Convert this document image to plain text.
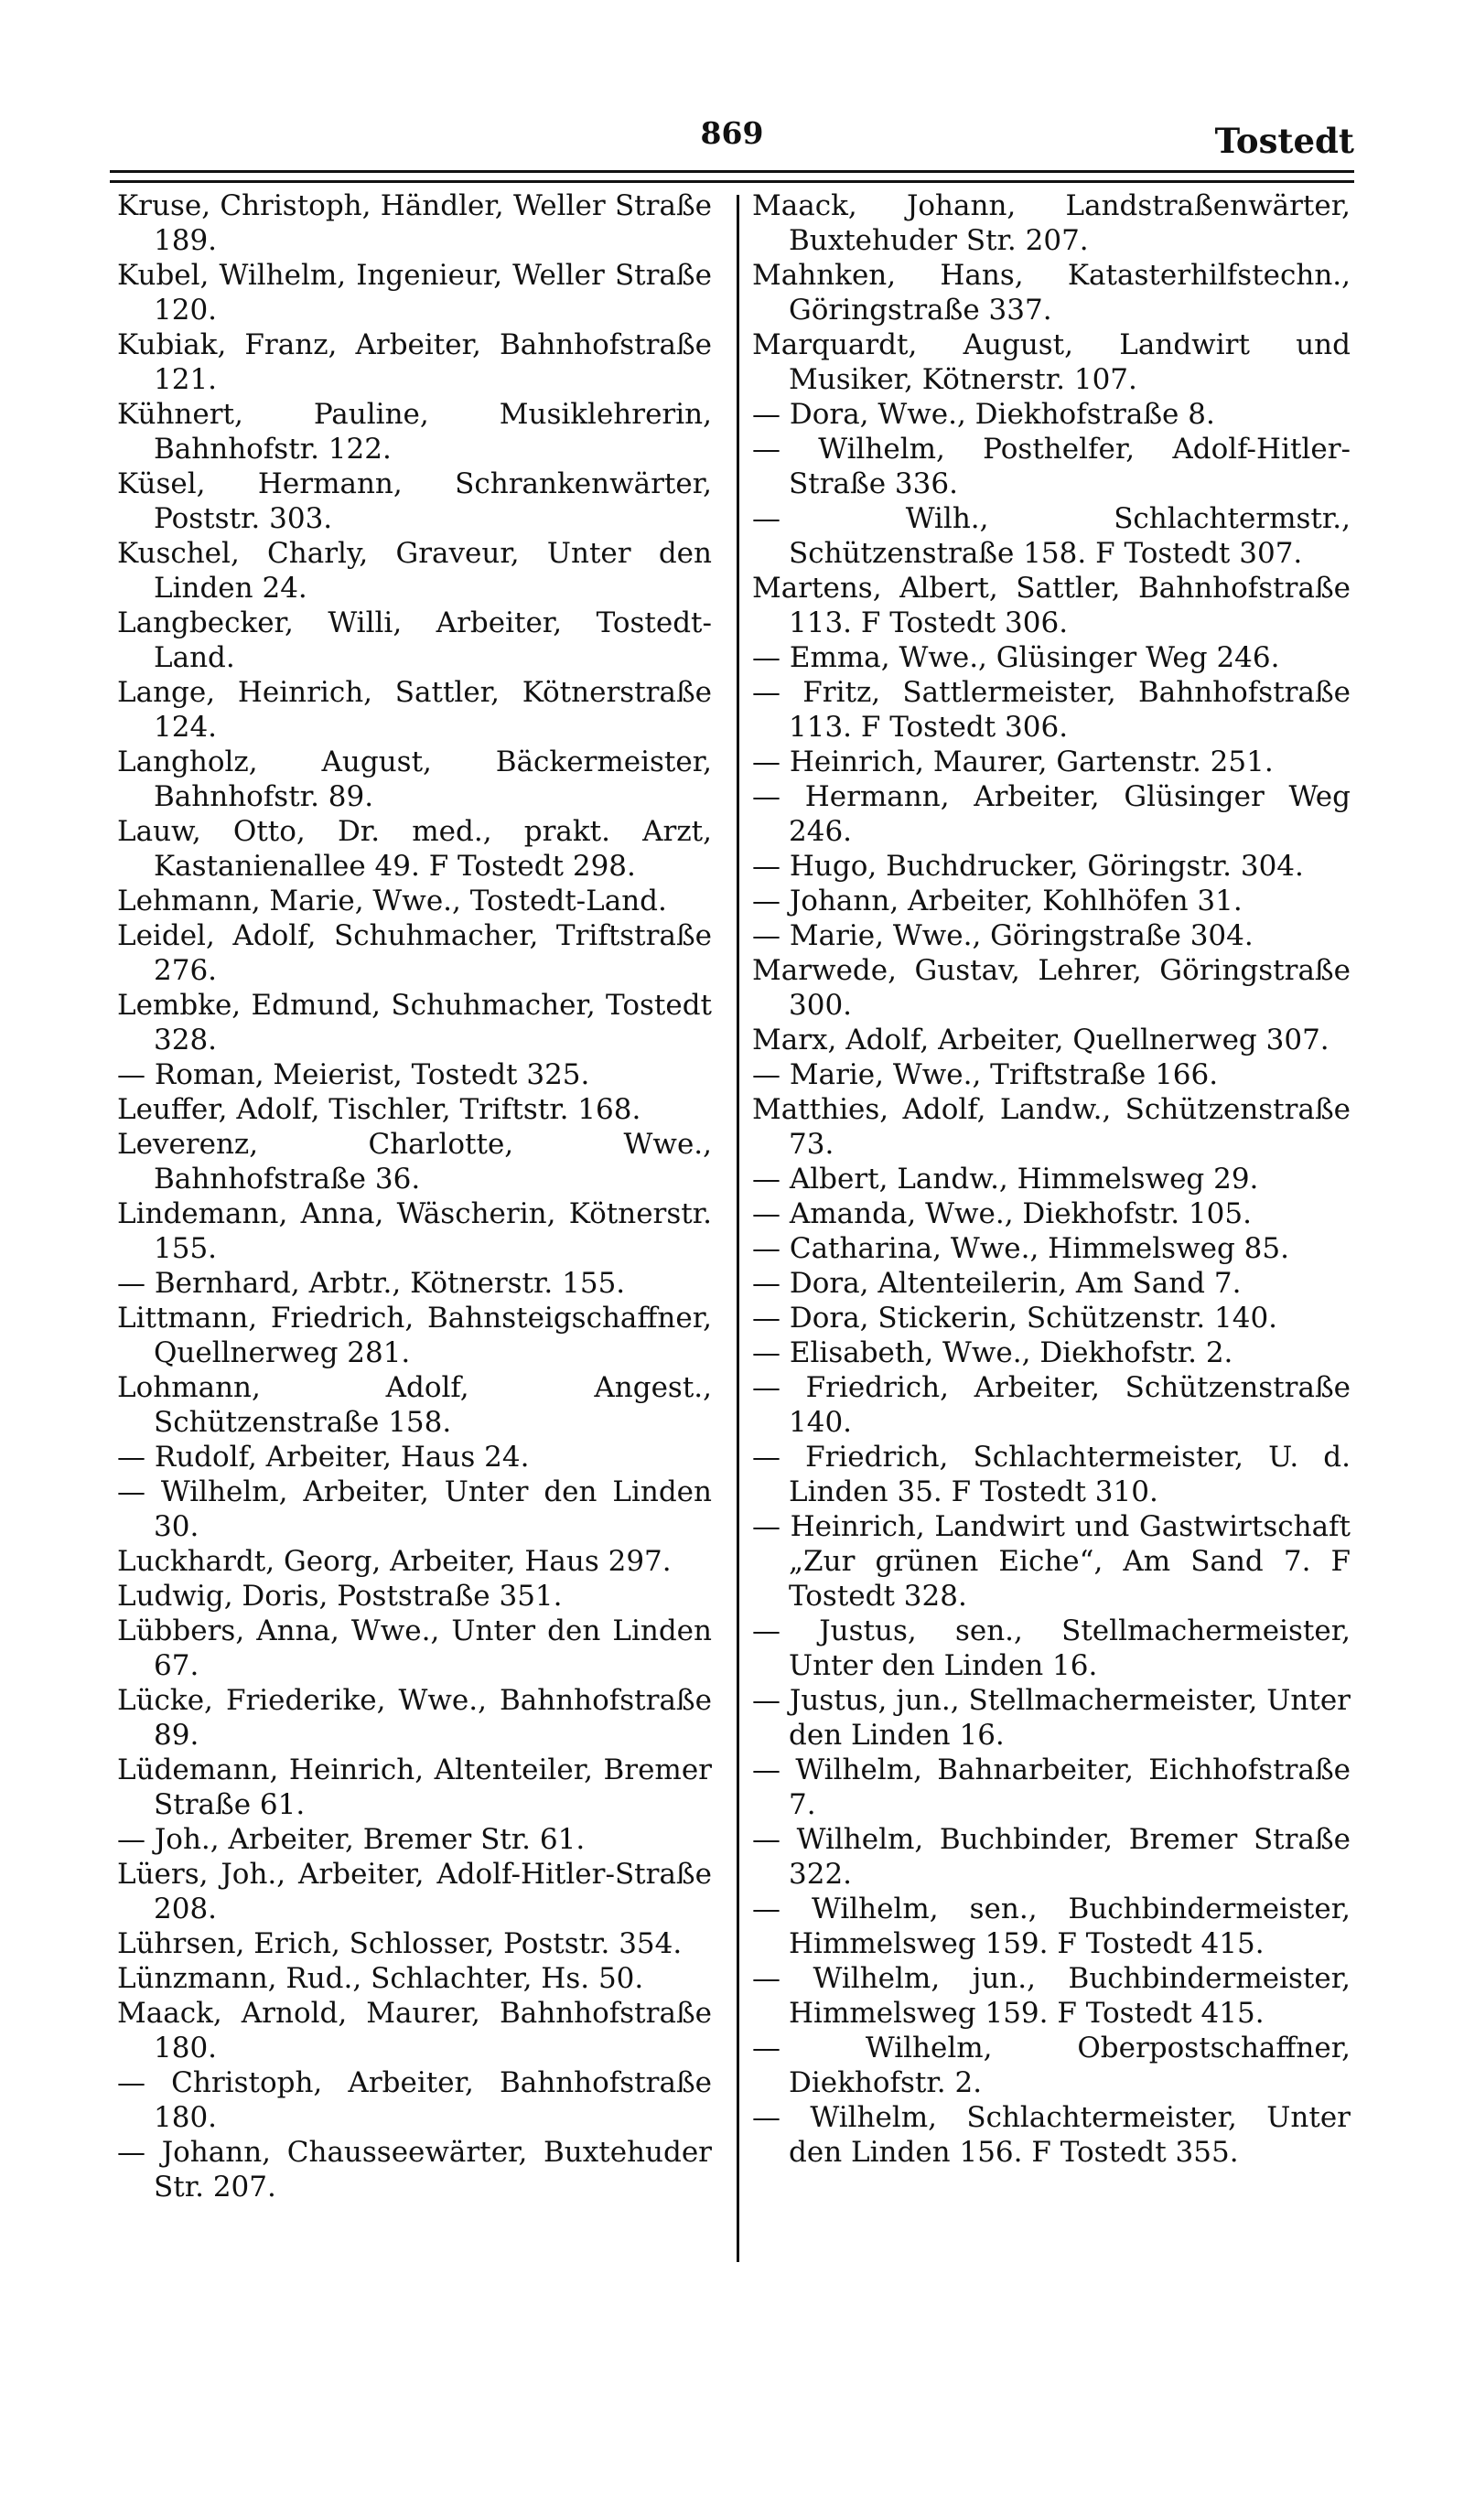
869	Tostedt

Kruse, Christoph, Händler, Weller Straße 189.

Kubel, Wilhelm, Ingenieur, Weller Straße 120.

Kubiak, Franz, Arbeiter, Bahnhofstraße 121.

Kühnert, Pauline, Musiklehrerin, Bahnhofstr. 122.

Küsel, Hermann, Schrankenwärter, Poststr. 303.

Kuschel, Charly, Graveur, Unter den Linden 24.

Langbecker, Willi, Arbeiter, Tostedt-Land.

Lange, Heinrich, Sattler, Kötnerstraße 124.

Langholz, August, Bäckermeister, Bahnhofstr. 89.

Lauw, Otto, Dr. med., prakt. Arzt, Kastanienallee 49. F Tostedt 298.

Lehmann, Marie, Wwe., Tostedt-Land.

Leidel, Adolf, Schuhmacher, Triftstraße 276.

Lembke, Edmund, Schuhmacher, Tostedt 328.

— Roman, Meierist, Tostedt 325.

Leuffer, Adolf, Tischler, Triftstr. 168.

Leverenz, Charlotte, Wwe., Bahnhofstraße 36.

Lindemann, Anna, Wäscherin, Kötnerstr. 155.

— Bernhard, Arbtr., Kötnerstr. 155.

Littmann, Friedrich, Bahnsteigschaffner, Quellnerweg 281.

Lohmann, Adolf, Angest., Schützenstraße 158.

— Rudolf, Arbeiter, Haus 24.

— Wilhelm, Arbeiter, Unter den Linden 30.

Luckhardt, Georg, Arbeiter, Haus 297.

Ludwig, Doris, Poststraße 351.

Lübbers, Anna, Wwe., Unter den Linden 67.

Lücke, Friederike, Wwe., Bahnhofstraße 89.

Lüdemann, Heinrich, Altenteiler, Bremer Straße 61.

— Joh., Arbeiter, Bremer Str. 61.

Lüers, Joh., Arbeiter, Adolf-Hitler-Straße 208.

Lührsen, Erich, Schlosser, Poststr. 354.

Lünzmann, Rud., Schlachter, Hs. 50.

Maack, Arnold, Maurer, Bahnhofstraße 180.

— Christoph, Arbeiter, Bahnhofstraße 180.

— Johann, Chausseewärter, Buxtehuder Str. 207.

Maack, Johann, Landstraßenwärter, Buxtehuder Str. 207.

Mahnken, Hans, Katasterhilfstechn., Göringstraße 337.

Marquardt, August, Landwirt und Musiker, Kötnerstr. 107.

— Dora, Wwe., Diekhofstraße 8.

— Wilhelm, Posthelfer, Adolf-Hitler-Straße 336.

— Wilh., Schlachtermstr., Schützenstraße 158. F Tostedt 307.

Martens, Albert, Sattler, Bahnhofstraße 113. F Tostedt 306.

— Emma, Wwe., Glüsinger Weg 246.

— Fritz, Sattlermeister, Bahnhofstraße 113. F Tostedt 306.

— Heinrich, Maurer, Gartenstr. 251.

— Hermann, Arbeiter, Glüsinger Weg 246.

— Hugo, Buchdrucker, Göringstr. 304.

— Johann, Arbeiter, Kohlhöfen 31.

— Marie, Wwe., Göringstraße 304.

Marwede, Gustav, Lehrer, Göringstraße 300.

Marx, Adolf, Arbeiter, Quellnerweg 307.

— Marie, Wwe., Triftstraße 166.

Matthies, Adolf, Landw., Schützenstraße 73.

— Albert, Landw., Himmelsweg 29.

— Amanda, Wwe., Diekhofstr. 105.

— Catharina, Wwe., Himmelsweg 85.

— Dora, Altenteilerin, Am Sand 7.

— Dora, Stickerin, Schützenstr. 140.

— Elisabeth, Wwe., Diekhofstr. 2.

— Friedrich, Arbeiter, Schützenstraße 140.

— Friedrich, Schlachtermeister, U. d. Linden 35. F Tostedt 310.

— Heinrich, Landwirt und Gastwirtschaft „Zur grünen Eiche“, Am Sand 7. F Tostedt 328.

— Justus, sen., Stellmachermeister, Unter den Linden 16.

— Justus, jun., Stellmachermeister, Unter den Linden 16.

— Wilhelm, Bahnarbeiter, Eichhofstraße 7.

— Wilhelm, Buchbinder, Bremer Straße 322.

— Wilhelm, sen., Buchbindermeister, Himmelsweg 159. F Tostedt 415.

— Wilhelm, jun., Buchbindermeister, Himmelsweg 159. F Tostedt 415.

— Wilhelm, Oberpostschaffner, Diekhofstr. 2.

— Wilhelm, Schlachtermeister, Unter den Linden 156. F Tostedt 355.
